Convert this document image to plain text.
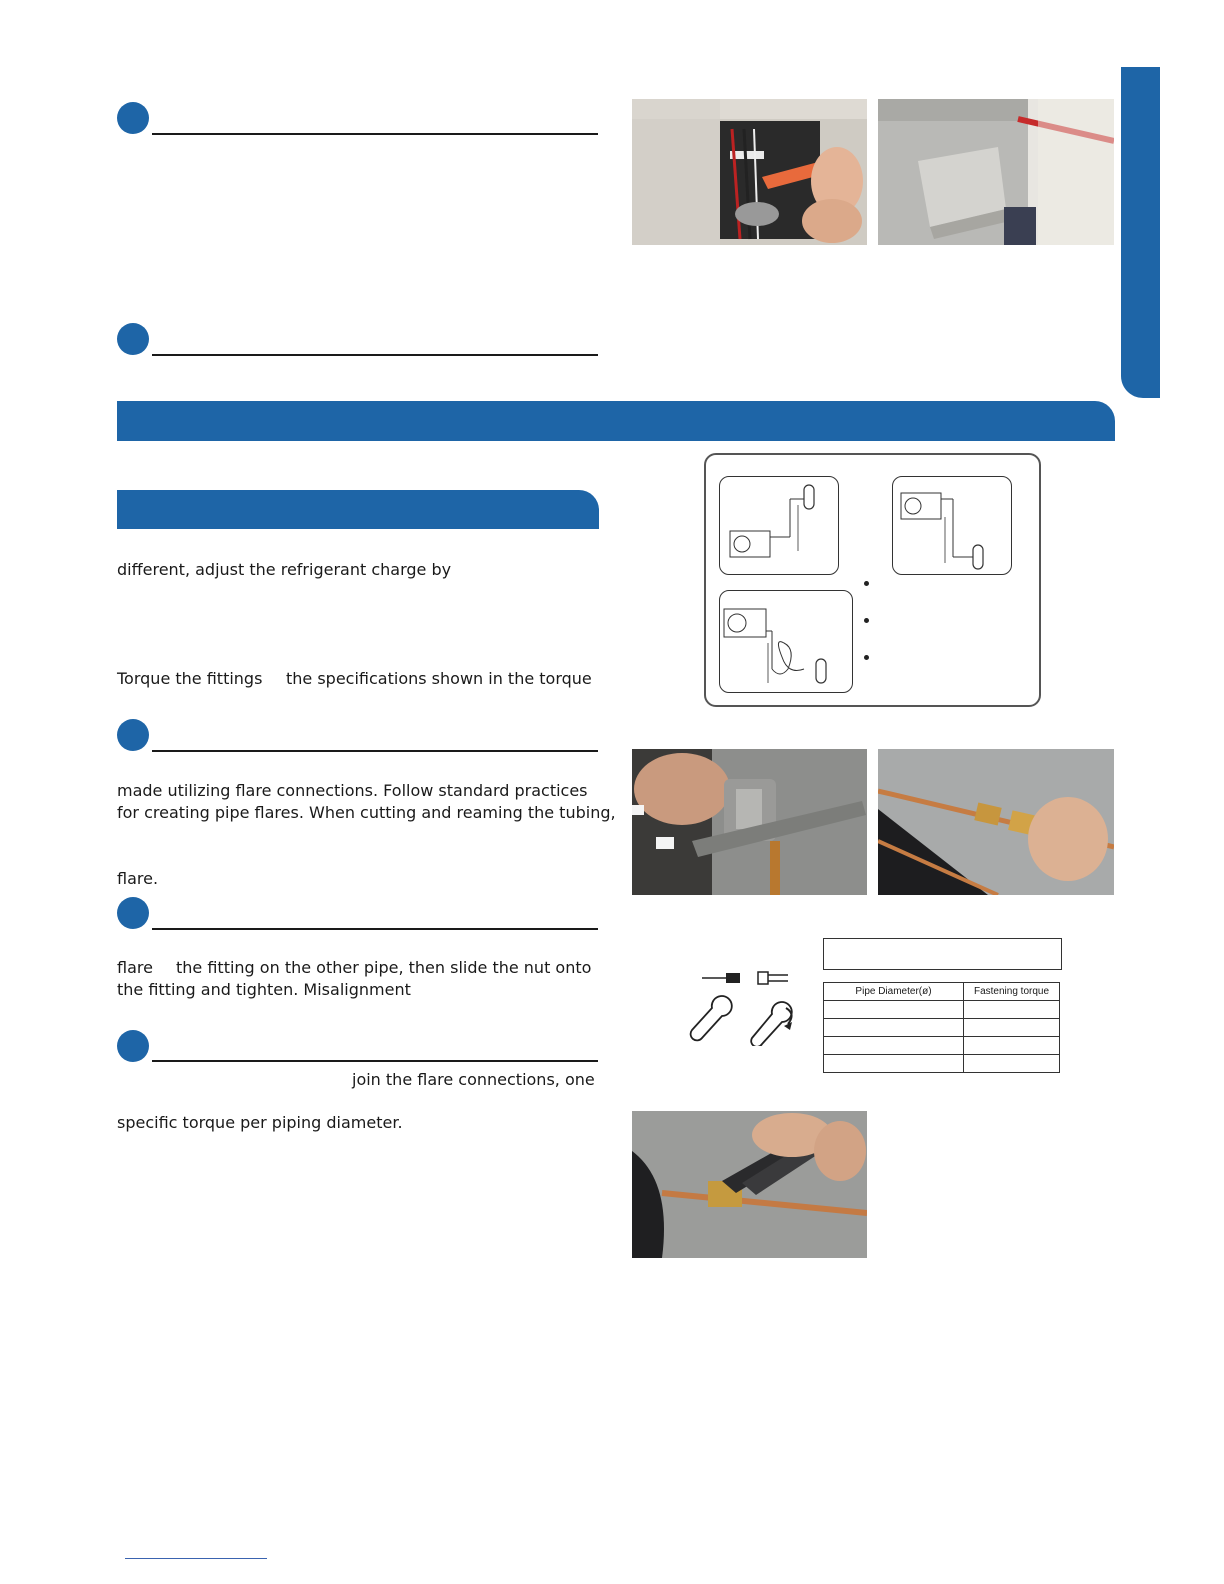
different, adjust the refrigerant charge by
Torque the fittings the specifications shown in the torque
made utilizing flare connections. Follow standard practices
for creating pipe flares. When cutting and reaming the tubing,
flare.
flare the fitting on the other pipe, then slide the nut onto
the fitting and tighten. Misalignment
join the flare connections, one
specific torque per piping diameter.
Pipe Diameter(ø)	Fastening torque
